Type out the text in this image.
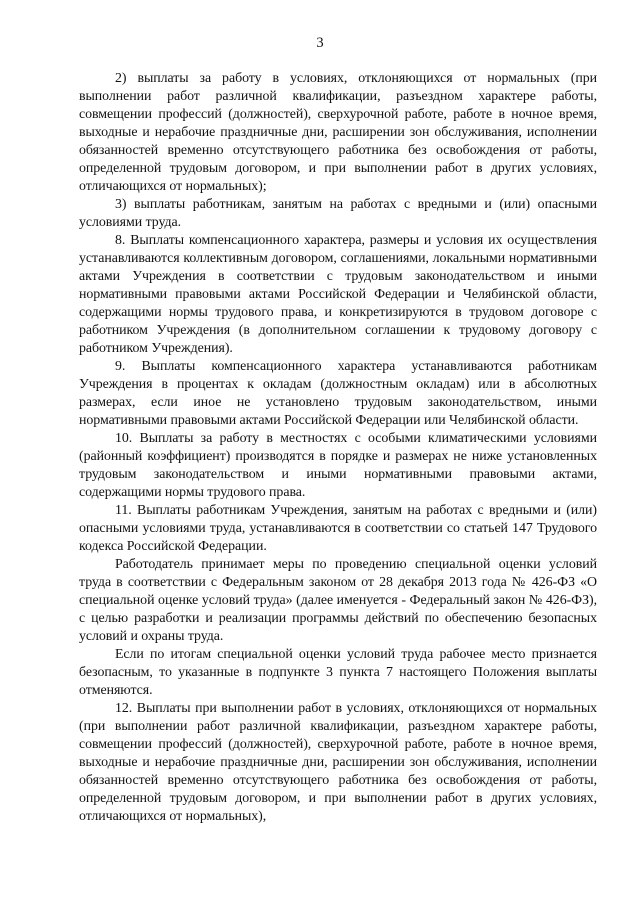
3

2) выплаты за работу в условиях, отклоняющихся от нормальных (при выполнении работ различной квалификации, разъездном характере работы, совмещении профессий (должностей), сверхурочной работе, работе в ночное время, выходные и нерабочие праздничные дни, расширении зон обслуживания, исполнении обязанностей временно отсутствующего работника без освобождения от работы, определенной трудовым договором, и при выполнении работ в других условиях, отличающихся от нормальных);

3) выплаты работникам, занятым на работах с вредными и (или) опасными условиями труда.

8. Выплаты компенсационного характера, размеры и условия их осуществления устанавливаются коллективным договором, соглашениями, локальными нормативными актами Учреждения в соответствии с трудовым законодательством и иными нормативными правовыми актами Российской Федерации и Челябинской области, содержащими нормы трудового права, и конкретизируются в трудовом договоре с работником Учреждения (в дополнительном соглашении к трудовому договору с работником Учреждения).

9. Выплаты компенсационного характера устанавливаются работникам Учреждения в процентах к окладам (должностным окладам) или в абсолютных размерах, если иное не установлено трудовым законодательством, иными нормативными правовыми актами Российской Федерации или Челябинской области.

10. Выплаты за работу в местностях с особыми климатическими условиями (районный коэффициент) производятся в порядке и размерах не ниже установленных трудовым законодательством и иными нормативными правовыми актами, содержащими нормы трудового права.

11. Выплаты работникам Учреждения, занятым на работах с вредными и (или) опасными условиями труда, устанавливаются в соответствии со статьей 147 Трудового кодекса Российской Федерации.

Работодатель принимает меры по проведению специальной оценки условий труда в соответствии с Федеральным законом от 28 декабря 2013 года № 426-ФЗ «О специальной оценке условий труда» (далее именуется - Федеральный закон № 426-ФЗ), с целью разработки и реализации программы действий по обеспечению безопасных условий и охраны труда.

Если по итогам специальной оценки условий труда рабочее место признается безопасным, то указанные в подпункте 3 пункта 7 настоящего Положения выплаты отменяются.

12. Выплаты при выполнении работ в условиях, отклоняющихся от нормальных (при выполнении работ различной квалификации, разъездном характере работы, совмещении профессий (должностей), сверхурочной работе, работе в ночное время, выходные и нерабочие праздничные дни, расширении зон обслуживания, исполнении обязанностей временно отсутствующего работника без освобождения от работы, определенной трудовым договором, и при выполнении работ в других условиях, отличающихся от нормальных),
